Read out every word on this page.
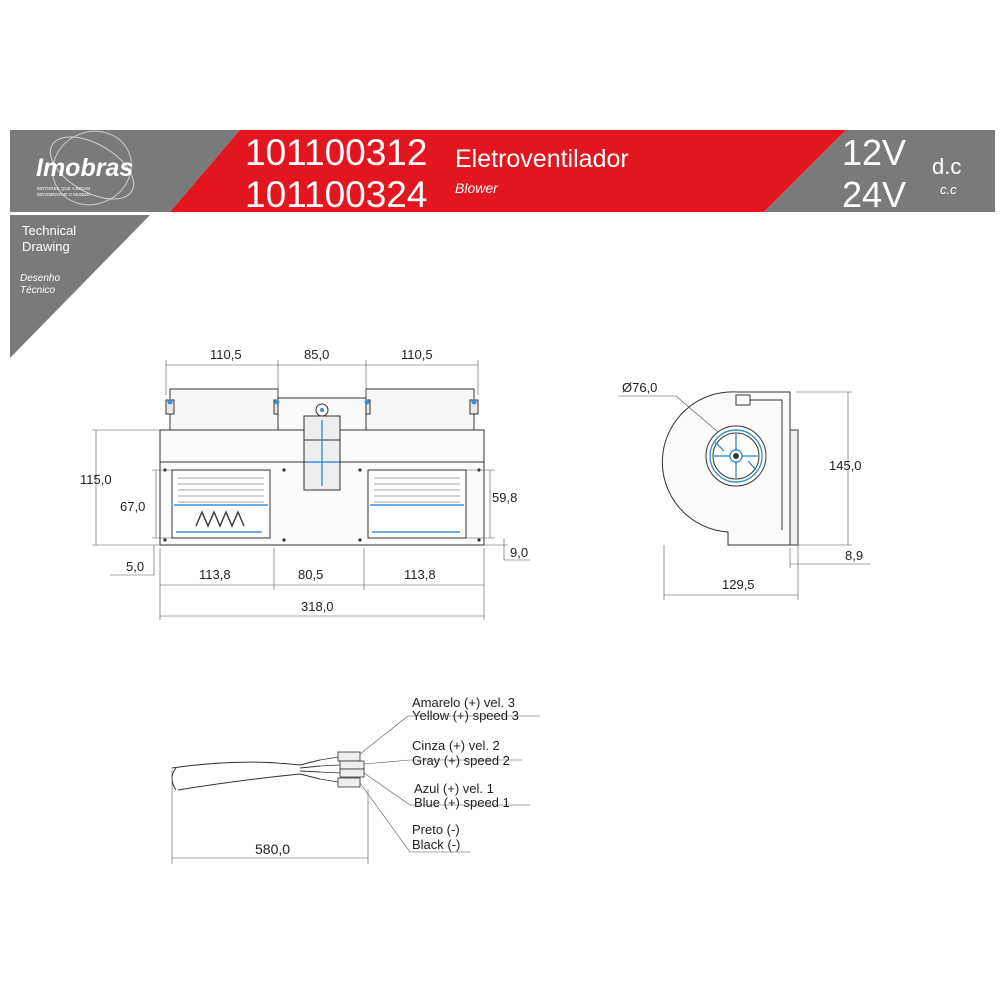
Imobras
MOTORES QUE AJUDAM
MOVIMENTAR O MUNDO
101100312
101100324
Eletroventilador
Blower
12V
24V
d.c
c.c
Technical
Drawing
Desenho
Técnico
110,5	85,0	110,5
115,0
67,0
5,0
59,8
9,0
113,8	80,5	113,8
318,0
Ø76,0
145,0
129,5
8,9
580,0
Amarelo (+) vel. 3
Yellow (+) speed 3
Cinza (+) vel. 2
Gray (+) speed 2
Azul (+) vel. 1
Blue (+) speed 1
Preto (-)
Black (-)
